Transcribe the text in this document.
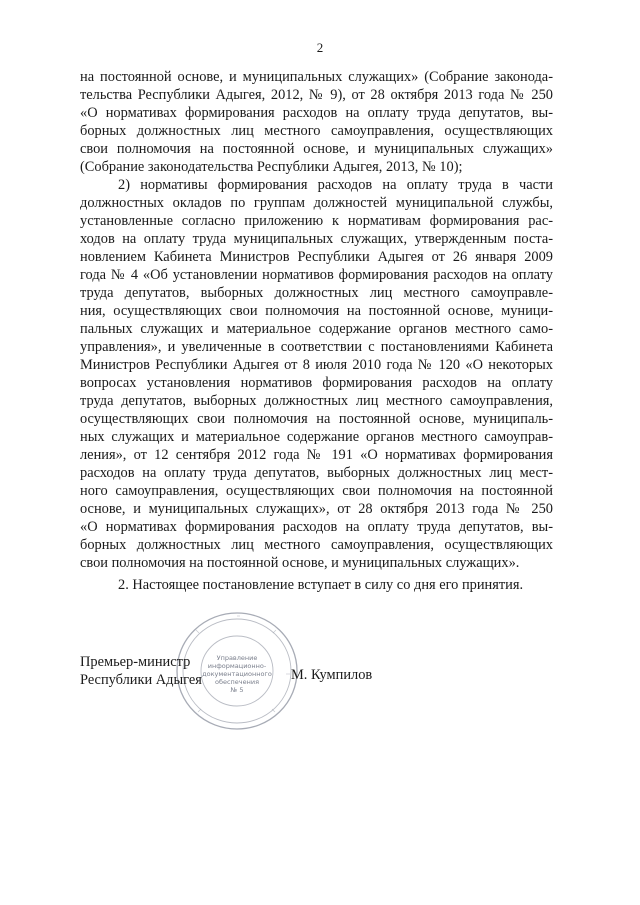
2
на постоянной основе, и муниципальных служащих» (Собрание законода-
тельства Республики Адыгея, 2012, № 9), от 28 октября 2013 года № 250
«О нормативах формирования расходов на оплату труда депутатов, вы-
борных должностных лиц местного самоуправления, осуществляющих
свои полномочия на постоянной основе, и муниципальных служащих»
(Собрание законодательства Республики Адыгея, 2013, № 10);
2) нормативы формирования расходов на оплату труда в части
должностных окладов по группам должностей муниципальной службы,
установленные согласно приложению к нормативам формирования рас-
ходов на оплату труда муниципальных служащих, утвержденным поста-
новлением Кабинета Министров Республики Адыгея от 26 января 2009
года № 4 «Об установлении нормативов формирования расходов на оплату
труда депутатов, выборных должностных лиц местного самоуправле-
ния, осуществляющих свои полномочия на постоянной основе, муници-
пальных служащих и материальное содержание органов местного само-
управления», и увеличенные в соответствии с постановлениями Кабинета
Министров Республики Адыгея от 8 июля 2010 года № 120 «О некоторых
вопросах установления нормативов формирования расходов на оплату
труда депутатов, выборных должностных лиц местного самоуправления,
осуществляющих свои полномочия на постоянной основе, муниципаль-
ных служащих и материальное содержание органов местного самоуправ-
ления», от 12 сентября 2012 года № 191 «О нормативах формирования
расходов на оплату труда депутатов, выборных должностных лиц мест-
ного самоуправления, осуществляющих свои полномочия на постоянной
основе, и муниципальных служащих», от 28 октября 2013 года № 250
«О нормативах формирования расходов на оплату труда депутатов, вы-
борных должностных лиц местного самоуправления, осуществляющих
свои полномочия на постоянной основе, и муниципальных служащих».
2. Настоящее постановление вступает в силу со дня его принятия.
Управление
информационно-
документационного
обеспечения
№ 5
Премьер-министр
Республики Адыгея	М. Кумпилов
